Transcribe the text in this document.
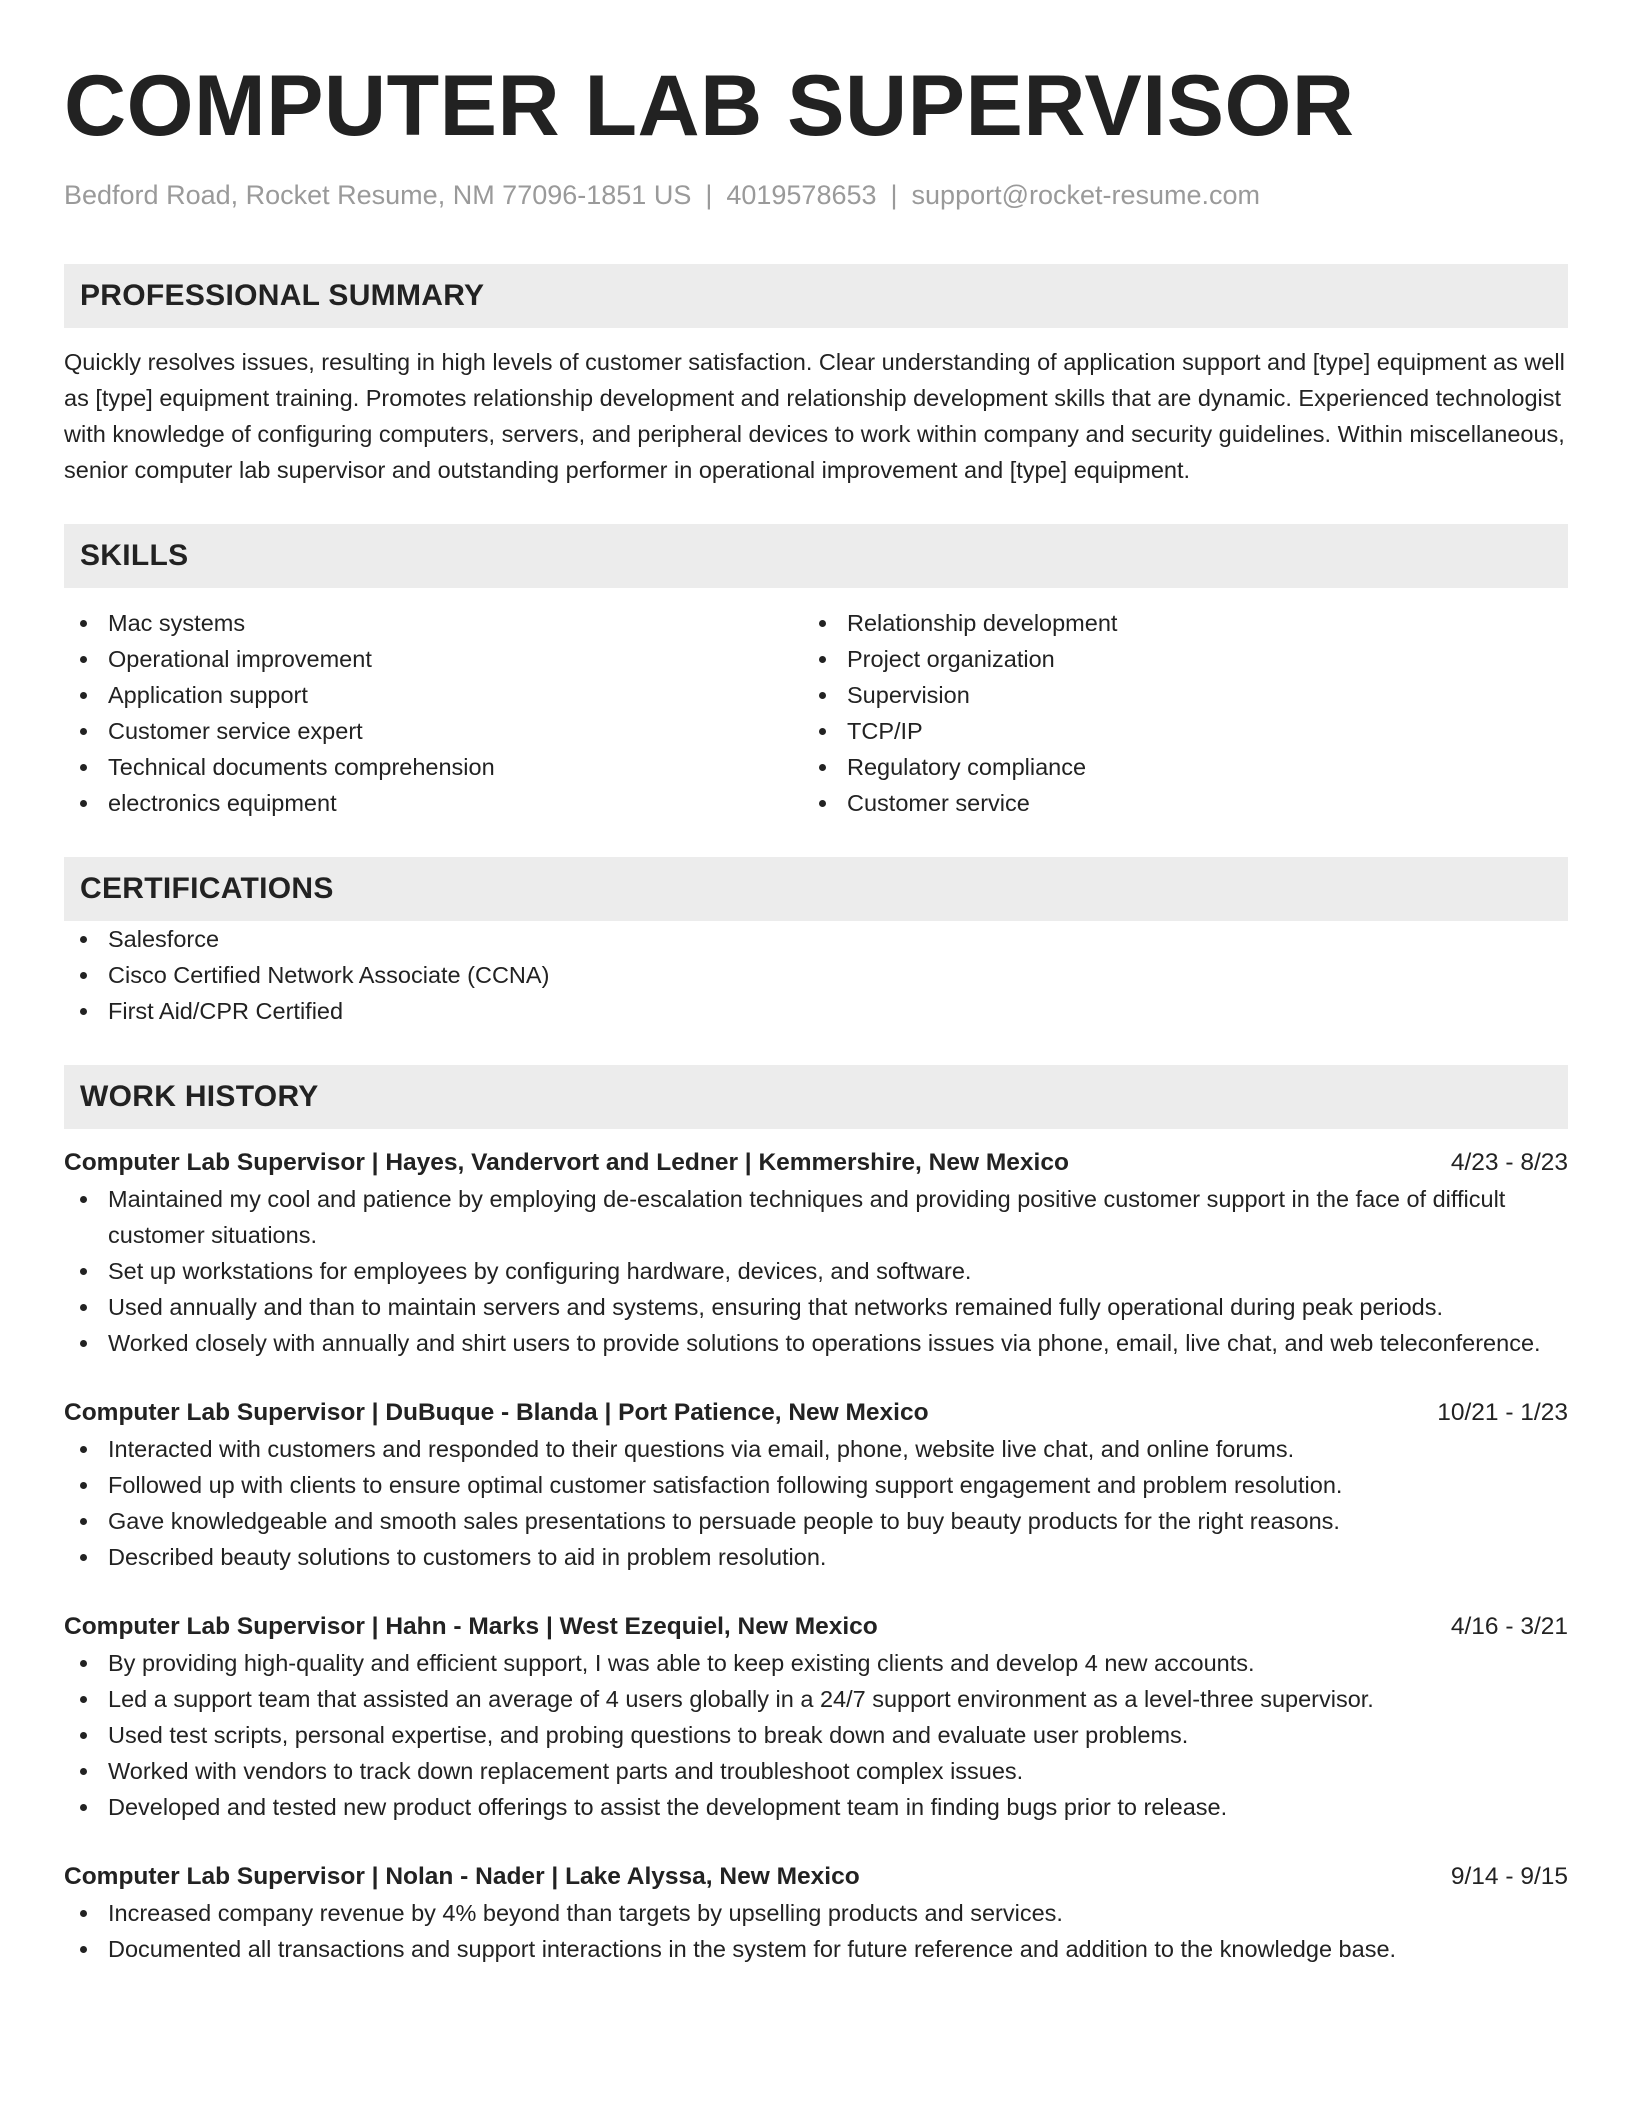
COMPUTER LAB SUPERVISOR
Bedford Road, Rocket Resume, NM 77096-1851 US | 4019578653 | support@rocket-resume.com
PROFESSIONAL SUMMARY
Quickly resolves issues, resulting in high levels of customer satisfaction. Clear understanding of application support and [type] equipment as well as [type] equipment training. Promotes relationship development and relationship development skills that are dynamic. Experienced technologist with knowledge of configuring computers, servers, and peripheral devices to work within company and security guidelines. Within miscellaneous, senior computer lab supervisor and outstanding performer in operational improvement and [type] equipment.
SKILLS
Mac systems
Operational improvement
Application support
Customer service expert
Technical documents comprehension
electronics equipment
Relationship development
Project organization
Supervision
TCP/IP
Regulatory compliance
Customer service
CERTIFICATIONS
Salesforce
Cisco Certified Network Associate (CCNA)
First Aid/CPR Certified
WORK HISTORY
Computer Lab Supervisor | Hayes, Vandervort and Ledner | Kemmershire, New Mexico	4/23 - 8/23
Maintained my cool and patience by employing de-escalation techniques and providing positive customer support in the face of difficult customer situations.
Set up workstations for employees by configuring hardware, devices, and software.
Used annually and than to maintain servers and systems, ensuring that networks remained fully operational during peak periods.
Worked closely with annually and shirt users to provide solutions to operations issues via phone, email, live chat, and web teleconference.
Computer Lab Supervisor | DuBuque - Blanda | Port Patience, New Mexico	10/21 - 1/23
Interacted with customers and responded to their questions via email, phone, website live chat, and online forums.
Followed up with clients to ensure optimal customer satisfaction following support engagement and problem resolution.
Gave knowledgeable and smooth sales presentations to persuade people to buy beauty products for the right reasons.
Described beauty solutions to customers to aid in problem resolution.
Computer Lab Supervisor | Hahn - Marks | West Ezequiel, New Mexico	4/16 - 3/21
By providing high-quality and efficient support, I was able to keep existing clients and develop 4 new accounts.
Led a support team that assisted an average of 4 users globally in a 24/7 support environment as a level-three supervisor.
Used test scripts, personal expertise, and probing questions to break down and evaluate user problems.
Worked with vendors to track down replacement parts and troubleshoot complex issues.
Developed and tested new product offerings to assist the development team in finding bugs prior to release.
Computer Lab Supervisor | Nolan - Nader | Lake Alyssa, New Mexico	9/14 - 9/15
Increased company revenue by 4% beyond than targets by upselling products and services.
Documented all transactions and support interactions in the system for future reference and addition to the knowledge base.
